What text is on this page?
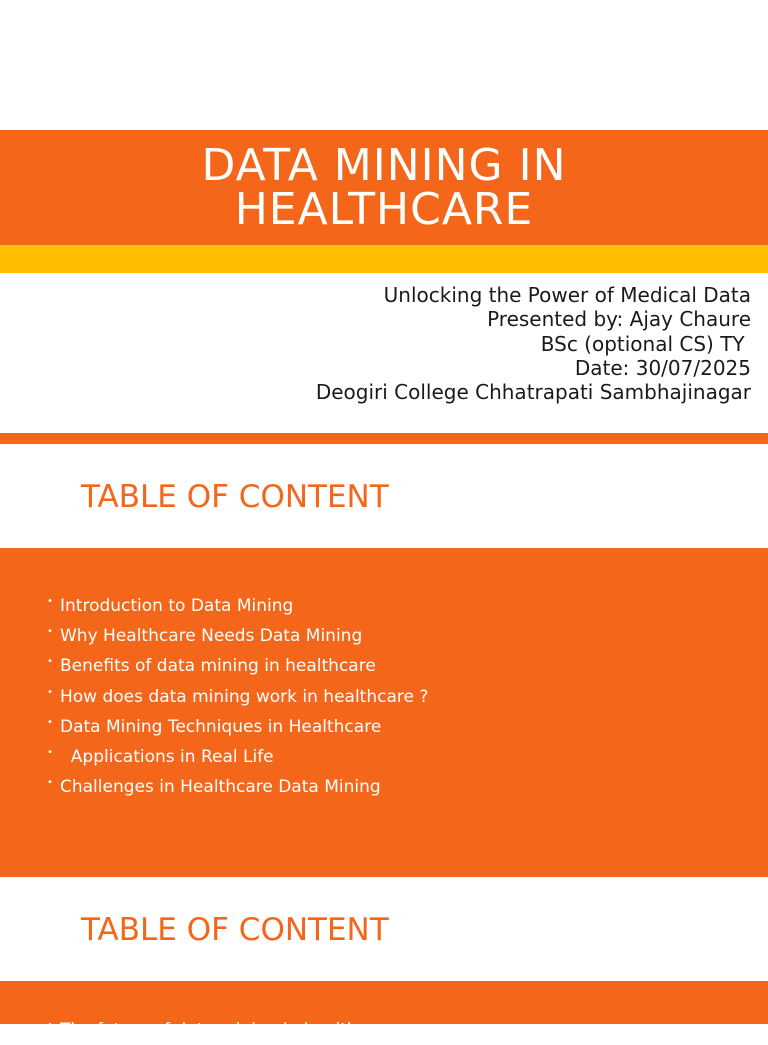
DATA MINING IN HEALTHCARE
Unlocking the Power of Medical Data
Presented by: Ajay Chaure
BSc (optional CS) TY
Date: 30/07/2025
Deogiri College Chhatrapati Sambhajinagar
TABLE OF CONTENT
• Introduction to Data Mining
• Why Healthcare Needs Data Mining
• Benefits of data mining in healthcare
• How does data mining work in healthcare ?
• Data Mining Techniques in Healthcare
• Applications in Real Life
• Challenges in Healthcare Data Mining
TABLE OF CONTENT
• The future of data mining in healthcare
